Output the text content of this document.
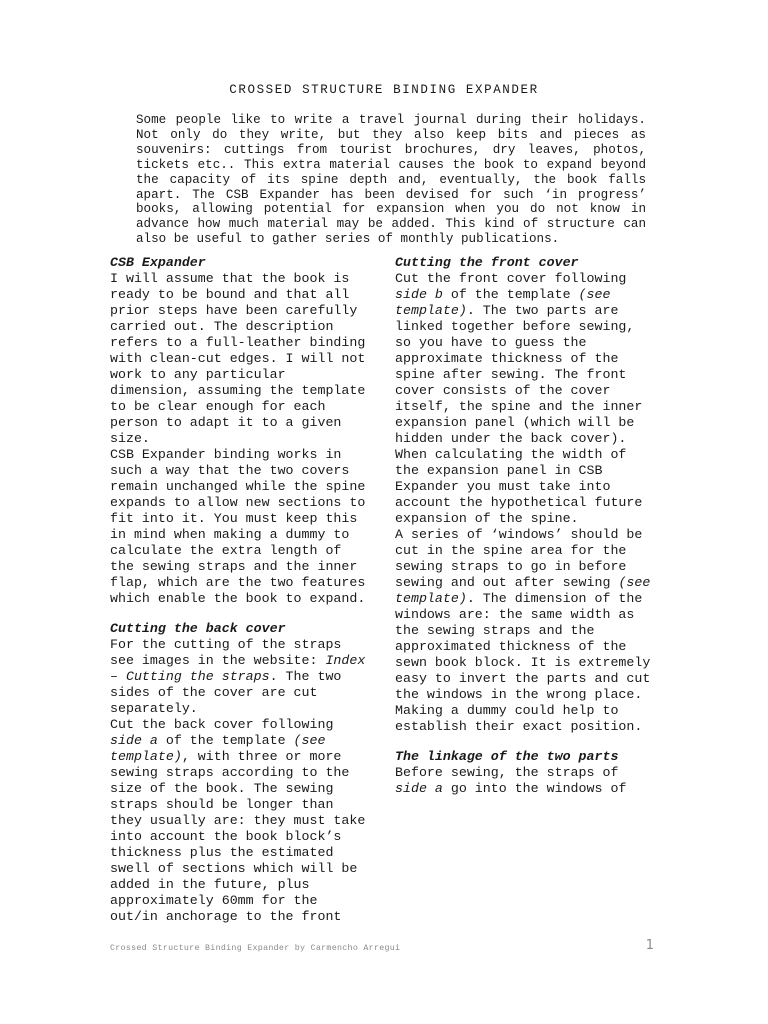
CROSSED STRUCTURE BINDING EXPANDER
Some people like to write a travel journal during their holidays. Not only do they write, but they also keep bits and pieces as souvenirs: cuttings from tourist brochures, dry leaves, photos, tickets etc.. This extra material causes the book to expand beyond the capacity of its spine depth and, eventually, the book falls apart. The CSB Expander has been devised for such ‘in progress’ books, allowing potential for expansion when you do not know in advance how much material may be added. This kind of structure can also be useful to gather series of monthly publications.

CSB Expander

I will assume that the book is ready to be bound and that all prior steps have been carefully carried out. The description refers to a full-leather binding with clean-cut edges. I will not work to any particular dimension, assuming the template to be clear enough for each person to adapt it to a given size.

CSB Expander binding works in such a way that the two covers remain unchanged while the spine expands to allow new sections to fit into it. You must keep this in mind when making a dummy to calculate the extra length of the sewing straps and the inner flap, which are the two features which enable the book to expand.

Cutting the back cover

For the cutting of the straps see images in the website: Index – Cutting the straps. The two sides of the cover are cut separately.

Cut the back cover following side a of the template (see template), with three or more sewing straps according to the size of the book. The sewing straps should be longer than they usually are: they must take into account the book block’s thickness plus the estimated swell of sections which will be added in the future, plus approximately 60mm for the out/in anchorage to the front

Crossed Structure Binding Expander by Carmencho Arregui	1

Cutting the front cover

Cut the front cover following side b of the template (see template). The two parts are linked together before sewing, so you have to guess the approximate thickness of the spine after sewing. The front cover consists of the cover itself, the spine and the inner expansion panel (which will be hidden under the back cover). When calculating the width of the expansion panel in CSB Expander you must take into account the hypothetical future expansion of the spine.

A series of ‘windows’ should be cut in the spine area for the sewing straps to go in before sewing and out after sewing (see template). The dimension of the windows are: the same width as the sewing straps and the approximated thickness of the sewn book block. It is extremely easy to invert the parts and cut the windows in the wrong place. Making a dummy could help to establish their exact position.

The linkage of the two parts

Before sewing, the straps of side a go into the windows of
